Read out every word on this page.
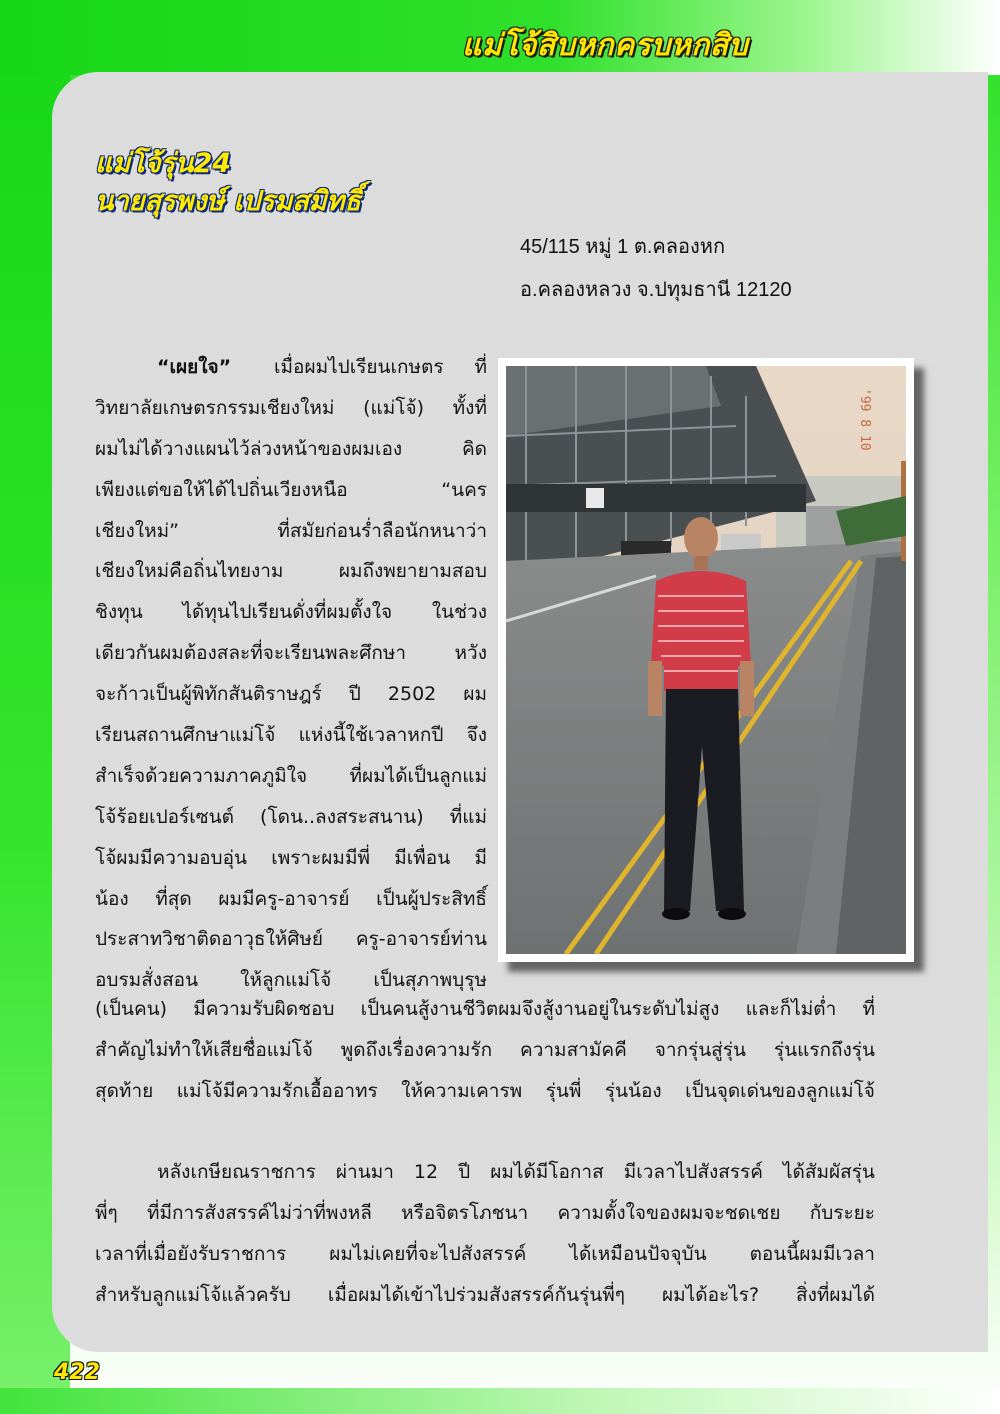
แม่โจ้สิบหกครบหกสิบ
แม่โจ้รุ่น24
นายสุรพงษ์ เปรมสมิทธิ์
45/115 หมู่ 1 ต.คลองหก
อ.คลองหลวง จ.ปทุมธานี 12120
“เผยใจ” เมื่อผมไปเรียนเกษตร ที่
วิทยาลัยเกษตรกรรมเชียงใหม่ (แม่โจ้) ทั้งที่
ผมไม่ได้วางแผนไว้ล่วงหน้าของผมเอง	คิด
เพียงแต่ขอให้ได้ไปถิ่นเวียงหนือ	“นคร
เชียงใหม่”	ที่สมัยก่อนร่ำลือนักหนาว่า
เชียงใหม่คือถิ่นไทยงาม	ผมถึงพยายามสอบ
ชิงทุน ได้ทุนไปเรียนดั่งที่ผมตั้งใจ ในช่วง
เดียวกันผมต้องสละที่จะเรียนพละศึกษา	หวัง
จะก้าวเป็นผู้พิทักสันติราษฎร์ ปี 2502 ผม
เรียนสถานศึกษาแม่โจ้ แห่งนี้ใช้เวลาหกปี จึง
สำเร็จด้วยความภาคภูมิใจ ที่ผมได้เป็นลูกแม่
โจ้ร้อยเปอร์เซนต์ (โดน..ลงสระสนาน) ที่แม่
โจ้ผมมีความอบอุ่น เพราะผมมีพี่ มีเพื่อน มี
น้อง ที่สุด ผมมีครู-อาจารย์ เป็นผู้ประสิทธิ์
ประสาทวิชาติดอาวุธให้ศิษย์ ครู-อาจารย์ท่าน
อบรมสั่งสอน ให้ลูกแม่โจ้ เป็นสุภาพบุรุษ
(เป็นคน) มีความรับผิดชอบ เป็นคนสู้งานชีวิตผมจึงสู้งานอยู่ในระดับไม่สูง และก็ไม่ต่ำ ที่
สำคัญไม่ทำให้เสียชื่อแม่โจ้ พูดถึงเรื่องความรัก ความสามัคคี จากรุ่นสู่รุ่น รุ่นแรกถึงรุ่น
สุดท้าย แม่โจ้มีความรักเอื้ออาทร ให้ความเคารพ รุ่นพี่ รุ่นน้อง เป็นจุดเด่นของลูกแม่โจ้
หลังเกษียณราชการ ผ่านมา 12 ปี ผมได้มีโอกาส มีเวลาไปสังสรรค์ ได้สัมผัสรุ่น
พี่ๆ ที่มีการสังสรรค์ไม่ว่าที่พงหลี หรือจิตรโภชนา ความตั้งใจของผมจะชดเชย กับระยะ
เวลาที่เมื่อยังรับราชการ ผมไม่เคยที่จะไปสังสรรค์ ได้เหมือนปัจจุบัน ตอนนี้ผมมีเวลา
สำหรับลูกแม่โจ้แล้วครับ เมื่อผมได้เข้าไปร่วมสังสรรค์กันรุ่นพี่ๆ ผมได้อะไร? สิ่งที่ผมได้
'99 8 10
422
